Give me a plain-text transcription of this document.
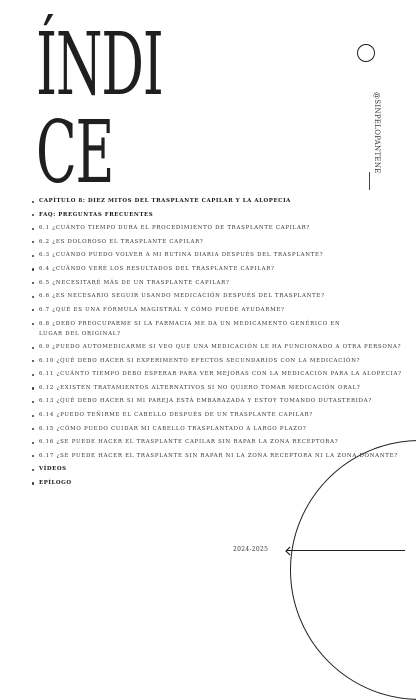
ÍNDI
CE	@SINPELOPANTENE
CAPÍTULO 8: DIEZ MITOS DEL TRASPLANTE CAPILAR Y LA ALOPECIA
FAQ: PREGUNTAS FRECUENTES
6.1 ¿CUÁNTO TIEMPO DURA EL PROCEDIMIENTO DE TRASPLANTE CAPILAR?
6.2 ¿ES DOLOROSO EL TRASPLANTE CAPILAR?
6.3 ¿CUÁNDO PUEDO VOLVER A MI RUTINA DIARIA DESPUÉS DEL TRASPLANTE?
6.4 ¿CUÁNDO VERÉ LOS RESULTADOS DEL TRASPLANTE CAPILAR?
6.5 ¿NECESITARÉ MÁS DE UN TRASPLANTE CAPILAR?
6.6 ¿ES NECESARIO SEGUIR USANDO MEDICACIÓN DESPUÉS DEL TRASPLANTE?
6.7 ¿QUÉ ES UNA FÓRMULA MAGISTRAL Y CÓMO PUEDE AYUDARME?
6.8 ¿DEBO PREOCUPARME SI LA FARMACIA ME DA UN MEDICAMENTO GENÉRICO EN LUGAR DEL ORIGINAL?
6.9 ¿PUEDO AUTOMEDICARME SI VEO QUE UNA MEDICACIÓN LE HA FUNCIONADO A OTRA PERSONA?
6.10 ¿QUÉ DEBO HACER SI EXPERIMENTO EFECTOS SECUNDARIOS CON LA MEDICACIÓN?
6.11 ¿CUÁNTO TIEMPO DEBO ESPERAR PARA VER MEJORAS CON LA MEDICACIÓN PARA LA ALOPECIA?
6.12 ¿EXISTEN TRATAMIENTOS ALTERNATIVOS SI NO QUIERO TOMAR MEDICACIÓN ORAL?
6.13 ¿QUÉ DEBO HACER SI MI PAREJA ESTÁ EMBARAZADA Y ESTOY TOMANDO DUTASTERIDA?
6.14 ¿PUEDO TEÑIRME EL CABELLO DESPUÉS DE UN TRASPLANTE CAPILAR?
6.15 ¿CÓMO PUEDO CUIDAR MI CABELLO TRASPLANTADO A LARGO PLAZO?
6.16 ¿SE PUEDE HACER EL TRASPLANTE CAPILAR SIN RAPAR LA ZONA RECEPTORA?
6.17 ¿SE PUEDE HACER EL TRASPLANTE SIN RAPAR NI LA ZONA RECEPTORA NI LA ZONA DONANTE?
VÍDEOS
EPÍLOGO
2024-2025
